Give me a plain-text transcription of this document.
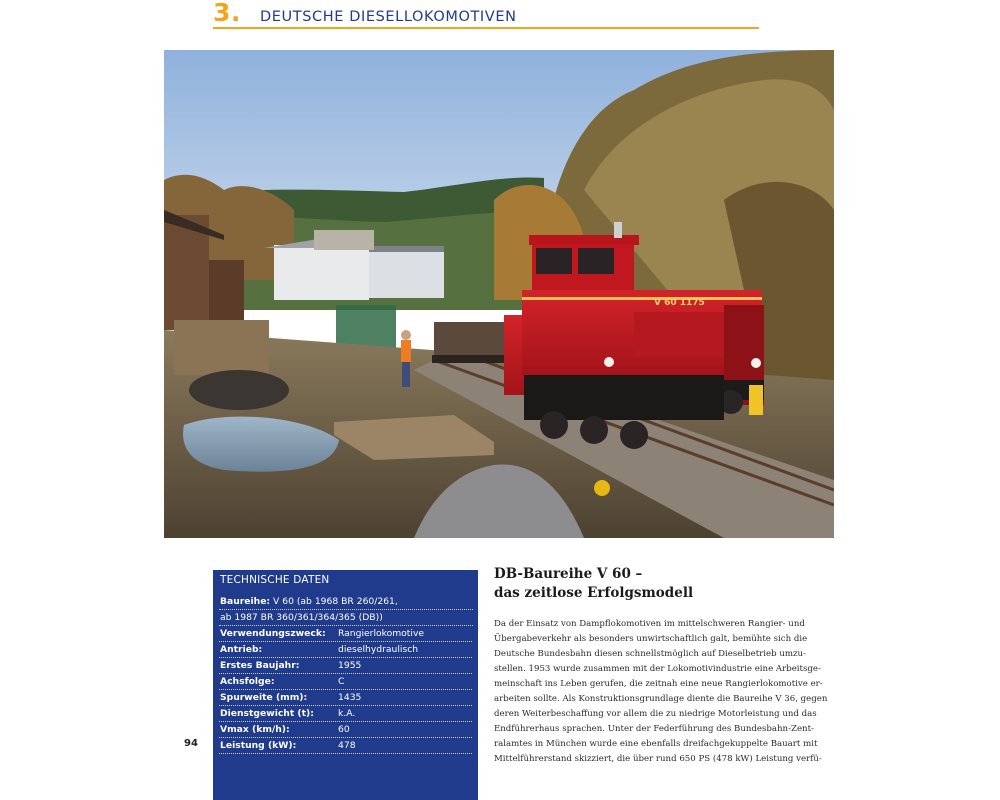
3. DEUTSCHE DIESELLOKOMOTIVEN
V 60 1175
TECHNISCHE DATEN
Baureihe: V 60 (ab 1968 BR 260/261,
ab 1987 BR 360/361/364/365 (DB))
Verwendungszweck: Rangierlokomotive
Antrieb:	dieselhydraulisch
Erstes Baujahr:	1955
Achsfolge:	C
Spurweite (mm):	1435
Dienstgewicht (t):	k.A.
Vmax (km/h):	60
Leistung (kW):	478
94
DB-Baureihe V 60 –
das zeitlose Erfolgsmodell
Da der Einsatz von Dampflokomotiven im mittelschweren Rangier- und
Übergabeverkehr als besonders unwirtschaftlich galt, bemühte sich die
Deutsche Bundesbahn diesen schnellstmöglich auf Dieselbetrieb umzu-
stellen. 1953 wurde zusammen mit der Lokomotivindustrie eine Arbeitsge-
meinschaft ins Leben gerufen, die zeitnah eine neue Rangierlokomotive er-
arbeiten sollte. Als Konstruktionsgrundlage diente die Baureihe V 36, gegen
deren Weiterbeschaffung vor allem die zu niedrige Motorleistung und das
Endführerhaus sprachen. Unter der Federführung des Bundesbahn-Zent-
ralamtes in München wurde eine ebenfalls dreifachgekuppelte Bauart mit
Mittelführerstand skizziert, die über rund 650 PS (478 kW) Leistung verfü-
